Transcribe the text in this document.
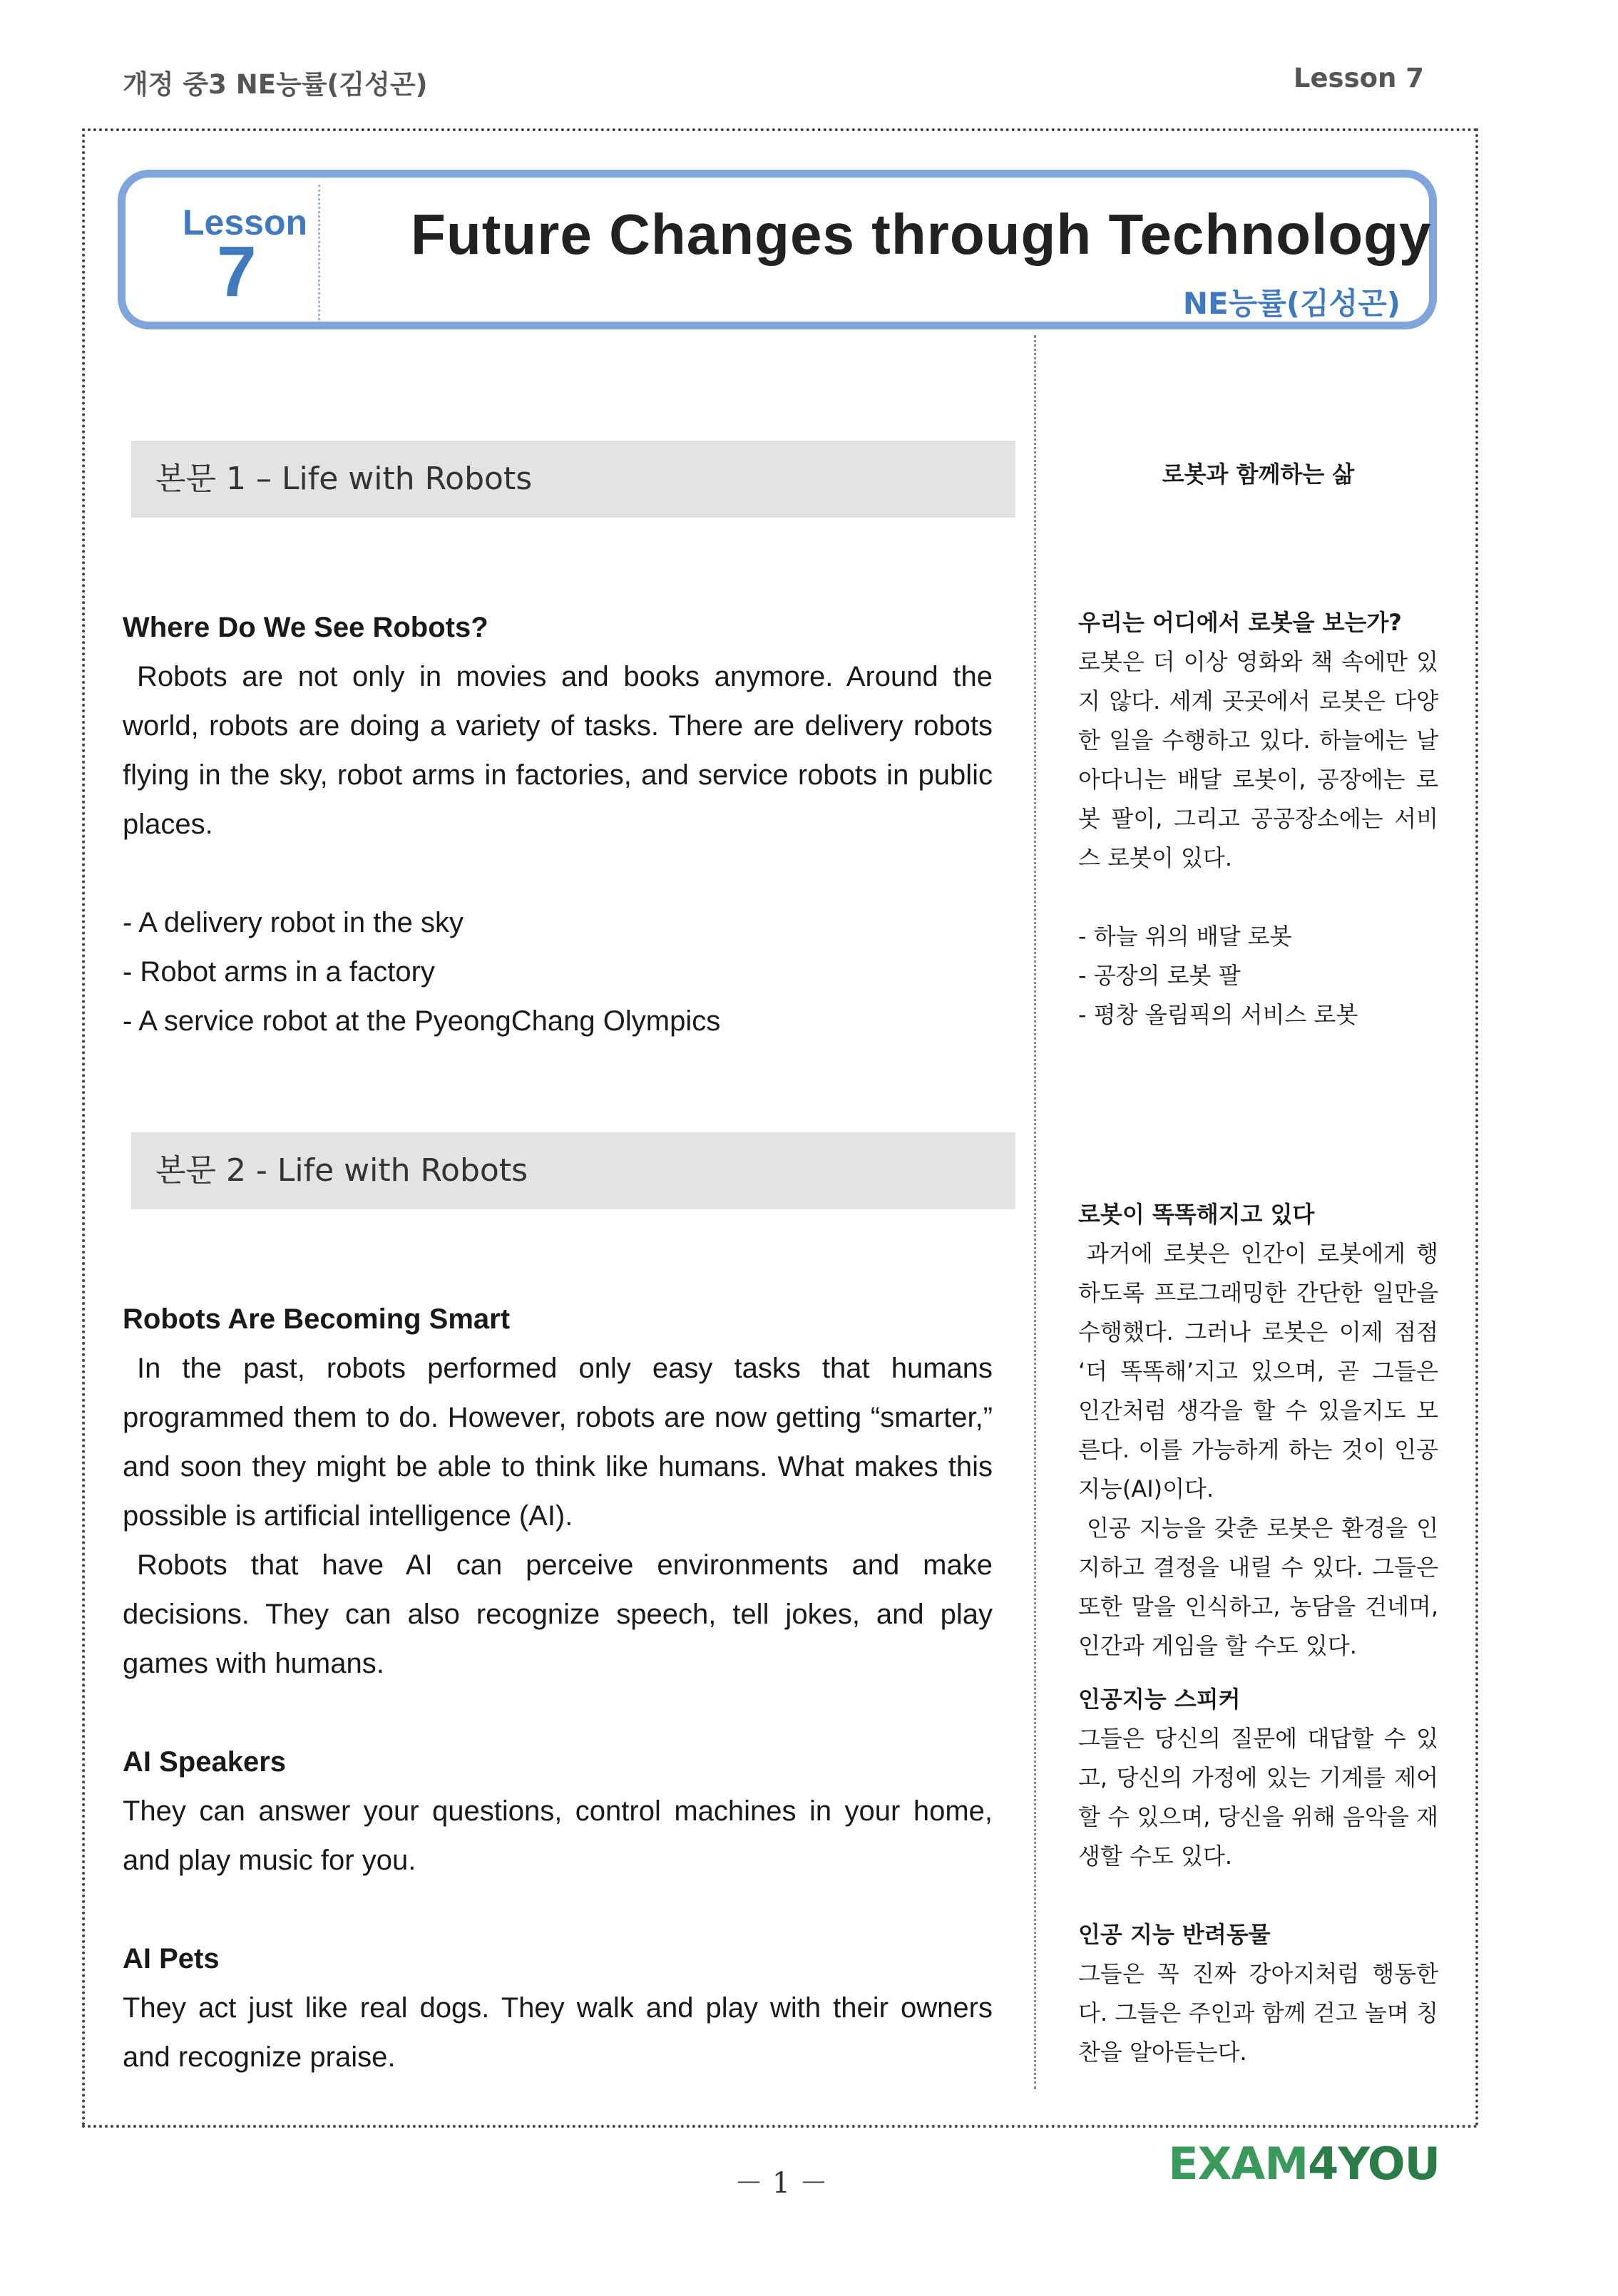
개정 중3 NE능률(김성곤)	Lesson 7
Lesson
7	Future Changes through Technology
NE능률(김성곤)
본문 1 – Life with Robots	로봇과 함께하는 삶

Where Do We See Robots?

Robots are not only in movies and books anymore. Around the world, robots are doing a variety of tasks. There are delivery robots flying in the sky, robot arms in factories, and service robots in public places.

- A delivery robot in the sky

- Robot arms in a factory

- A service robot at the PyeongChang Olympics

우리는 어디에서 로봇을 보는가?

로봇은 더 이상 영화와 책 속에만 있지 않다. 세계 곳곳에서 로봇은 다양한 일을 수행하고 있다. 하늘에는 날아다니는 배달 로봇이, 공장에는 로봇 팔이, 그리고 공공장소에는 서비스 로봇이 있다.

- 하늘 위의 배달 로봇

- 공장의 로봇 팔

- 평창 올림픽의 서비스 로봇

본문 2 - Life with Robots

Robots Are Becoming Smart

In the past, robots performed only easy tasks that humans programmed them to do. However, robots are now getting “smarter,” and soon they might be able to think like humans. What makes this possible is artificial intelligence (AI).

Robots that have AI can perceive environments and make decisions. They can also recognize speech, tell jokes, and play games with humans.

AI Speakers

They can answer your questions, control machines in your home, and play music for you.

AI Pets

They act just like real dogs. They walk and play with their owners and recognize praise.

로봇이 똑똑해지고 있다

과거에 로봇은 인간이 로봇에게 행하도록 프로그래밍한 간단한 일만을 수행했다. 그러나 로봇은 이제 점점 ‘더 똑똑해’지고 있으며, 곧 그들은 인간처럼 생각을 할 수 있을지도 모른다. 이를 가능하게 하는 것이 인공지능(AI)이다.

인공 지능을 갖춘 로봇은 환경을 인지하고 결정을 내릴 수 있다. 그들은 또한 말을 인식하고, 농담을 건네며, 인간과 게임을 할 수도 있다.

인공지능 스피커

그들은 당신의 질문에 대답할 수 있고, 당신의 가정에 있는 기계를 제어할 수 있으며, 당신을 위해 음악을 재생할 수도 있다.

인공 지능 반려동물

그들은 꼭 진짜 강아지처럼 행동한다. 그들은 주인과 함께 걷고 놀며 칭찬을 알아듣는다.

－ 1 －	EXAM4YOU
